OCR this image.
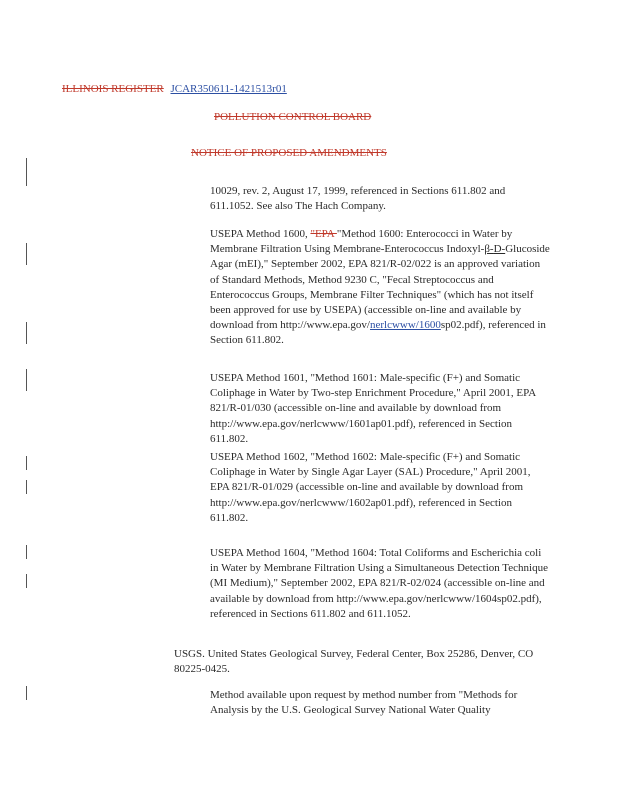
ILLINOIS REGISTER JCAR350611-1421513r01
POLLUTION CONTROL BOARD
NOTICE OF PROPOSED AMENDMENTS

10029, rev. 2, August 17, 1999, referenced in Sections 611.802 and 611.1052. See also The Hach Company.

USEPA Method 1600, "EPA "Method 1600: Enterococci in Water by Membrane Filtration Using Membrane-Enterococcus Indoxyl-β-D-Glucoside Agar (mEI)," September 2002, EPA 821/R-02/022 is an approved variation of Standard Methods, Method 9230 C, "Fecal Streptococcus and Enterococcus Groups, Membrane Filter Techniques" (which has not itself been approved for use by USEPA) (accessible on-line and available by download from http://www.epa.gov/nerlcwww/1600sp02.pdf), referenced in Section 611.802.

USEPA Method 1601, "Method 1601: Male-specific (F+) and Somatic Coliphage in Water by Two-step Enrichment Procedure," April 2001, EPA 821/R-01/030 (accessible on-line and available by download from http://www.epa.gov/nerlcwww/1601ap01.pdf), referenced in Section 611.802.

USEPA Method 1602, "Method 1602: Male-specific (F+) and Somatic Coliphage in Water by Single Agar Layer (SAL) Procedure," April 2001, EPA 821/R-01/029 (accessible on-line and available by download from http://www.epa.gov/nerlcwww/1602ap01.pdf), referenced in Section 611.802.

USEPA Method 1604, "Method 1604: Total Coliforms and Escherichia coli in Water by Membrane Filtration Using a Simultaneous Detection Technique (MI Medium)," September 2002, EPA 821/R-02/024 (accessible on-line and available by download from http://www.epa.gov/nerlcwww/1604sp02.pdf), referenced in Sections 611.802 and 611.1052.

USGS. United States Geological Survey, Federal Center, Box 25286, Denver, CO 80225-0425.

Method available upon request by method number from "Methods for Analysis by the U.S. Geological Survey National Water Quality
